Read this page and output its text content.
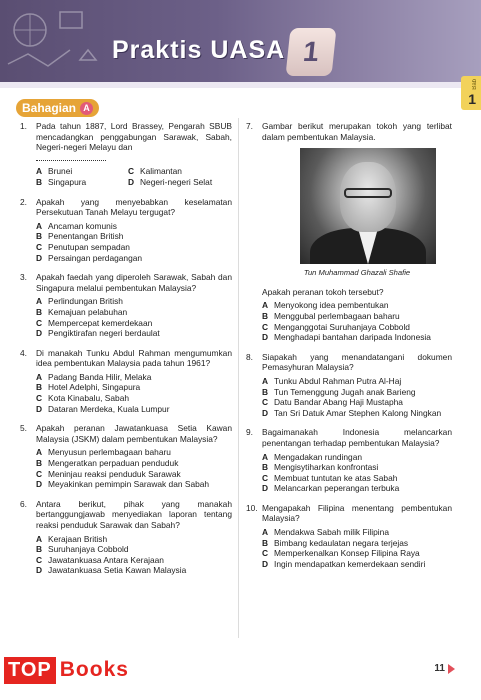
Praktis UASA 1
Bab
1
Bahagian A
1. Pada tahun 1887, Lord Brassey, Pengarah SBUB mencadangkan penggabungan Sarawak, Sabah, Negeri-negeri Melayu dan

A Brunei	C Kalimantan
B Singapura	D Negeri-negeri Selat
2. Apakah yang menyebabkan keselamatan Persekutuan Tanah Melayu tergugat?
A Ancaman komunis
B Penentangan British
C Penutupan sempadan
D Persaingan perdagangan
3. Apakah faedah yang diperoleh Sarawak, Sabah dan Singapura melalui pembentukan Malaysia?
A Perlindungan British
B Kemajuan pelabuhan
C Mempercepat kemerdekaan
D Pengiktirafan negeri berdaulat
4. Di manakah Tunku Abdul Rahman mengumumkan idea pembentukan Malaysia pada tahun 1961?
A Padang Banda Hilir, Melaka
B Hotel Adelphi, Singapura
C Kota Kinabalu, Sabah
D Dataran Merdeka, Kuala Lumpur
5. Apakah peranan Jawatankuasa Setia Kawan Malaysia (JSKM) dalam pembentukan Malaysia?
A Menyusun perlembagaan baharu
B Mengeratkan perpaduan penduduk
C Meninjau reaksi penduduk Sarawak
D Meyakinkan pemimpin Sarawak dan Sabah
6. Antara berikut, pihak yang manakah bertanggungjawab menyediakan laporan tentang reaksi penduduk Sarawak dan Sabah?
A Kerajaan British
B Suruhanjaya Cobbold
C Jawatankuasa Antara Kerajaan
D Jawatankuasa Setia Kawan Malaysia
7. Gambar berikut merupakan tokoh yang terlibat dalam pembentukan Malaysia.
Tun Muhammad Ghazali Shafie
Apakah peranan tokoh tersebut?
A Menyokong idea pembentukan
B Menggubal perlembagaan baharu
C Menganggotai Suruhanjaya Cobbold
D Menghadapi bantahan daripada Indonesia
8. Siapakah yang menandatangani dokumen Pemasyhuran Malaysia?
A Tunku Abdul Rahman Putra Al-Haj
B Tun Temenggung Jugah anak Barieng
C Datu Bandar Abang Haji Mustapha
D Tan Sri Datuk Amar Stephen Kalong Ningkan
9. Bagaimanakah Indonesia melancarkan penentangan terhadap pembentukan Malaysia?
A Mengadakan rundingan
B Mengisytiharkan konfrontasi
C Membuat tuntutan ke atas Sabah
D Melancarkan peperangan terbuka
10. Mengapakah Filipina menentang pembentukan Malaysia?
A Mendakwa Sabah milik Filipina
B Bimbang kedaulatan negara terjejas
C Memperkenalkan Konsep Filipina Raya
D Ingin mendapatkan kemerdekaan sendiri
TOP Books	11
